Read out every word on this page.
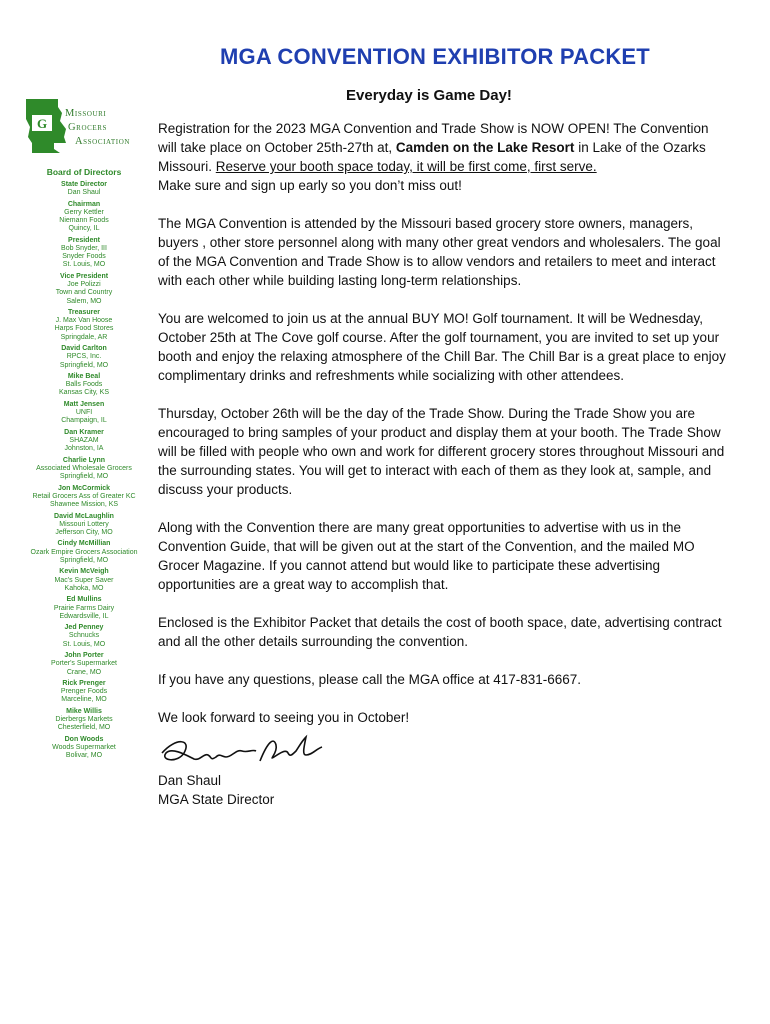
MGA CONVENTION EXHIBITOR PACKET
Everyday is Game Day!
G
Missouri
Grocers
Association
Board of Directors
State Director
Dan Shaul
Chairman
Gerry Kettler
Niemann Foods
Quincy, IL
President
Bob Snyder, III
Snyder Foods
St. Louis, MO
Vice President
Joe Polizzi
Town and Country
Salem, MO
Treasurer
J. Max Van Hoose
Harps Food Stores
Springdale, AR
David Carlton
RPCS, Inc.
Springfield, MO
Mike Beal
Balls Foods
Kansas City, KS
Matt Jensen
UNFI
Champaign, IL
Dan Kramer
SHAZAM
Johnston, IA
Charlie Lynn
Associated Wholesale Grocers
Springfield, MO
Jon McCormick
Retail Grocers Ass of Greater KC
Shawnee Mission, KS
David McLaughlin
Missouri Lottery
Jefferson City, MO
Cindy McMillian
Ozark Empire Grocers Association
Springfield, MO
Kevin McVeigh
Mac's Super Saver
Kahoka, MO
Ed Mullins
Prairie Farms Dairy
Edwardsville, IL
Jed Penney
Schnucks
St. Louis, MO
John Porter
Porter's Supermarket
Crane, MO
Rick Prenger
Prenger Foods
Marceline, MO
Mike Willis
Dierbergs Markets
Chesterfield, MO
Don Woods
Woods Supermarket
Bolivar, MO

Registration for the 2023 MGA Convention and Trade Show is NOW OPEN! The Convention will take place on October 25th-27th at, Camden on the Lake Resort in Lake of the Ozarks Missouri. Reserve your booth space today, it will be first come, first serve.
Make sure and sign up early so you don’t miss out!

The MGA Convention is attended by the Missouri based grocery store owners, managers, buyers , other store personnel along with many other great vendors and wholesalers. The goal of the MGA Convention and Trade Show is to allow vendors and retailers to meet and interact with each other while building lasting long-term relationships.

You are welcomed to join us at the annual BUY MO! Golf tournament. It will be Wednesday, October 25th at The Cove golf course. After the golf tournament, you are invited to set up your booth and enjoy the relaxing atmosphere of the Chill Bar. The Chill Bar is a great place to enjoy complimentary drinks and refreshments while socializing with other attendees.

Thursday, October 26th will be the day of the Trade Show. During the Trade Show you are encouraged to bring samples of your product and display them at your booth. The Trade Show will be filled with people who own and work for different grocery stores throughout Missouri and the surrounding states. You will get to interact with each of them as they look at, sample, and discuss your products.

Along with the Convention there are many great opportunities to advertise with us in the Convention Guide, that will be given out at the start of the Convention, and the mailed MO Grocer Magazine. If you cannot attend but would like to participate these advertising opportunities are a great way to accomplish that.

Enclosed is the Exhibitor Packet that details the cost of booth space, date, advertising contract and all the other details surrounding the convention.

If you have any questions, please call the MGA office at 417-831-6667.

We look forward to seeing you in October!

Dan Shaul
MGA State Director
